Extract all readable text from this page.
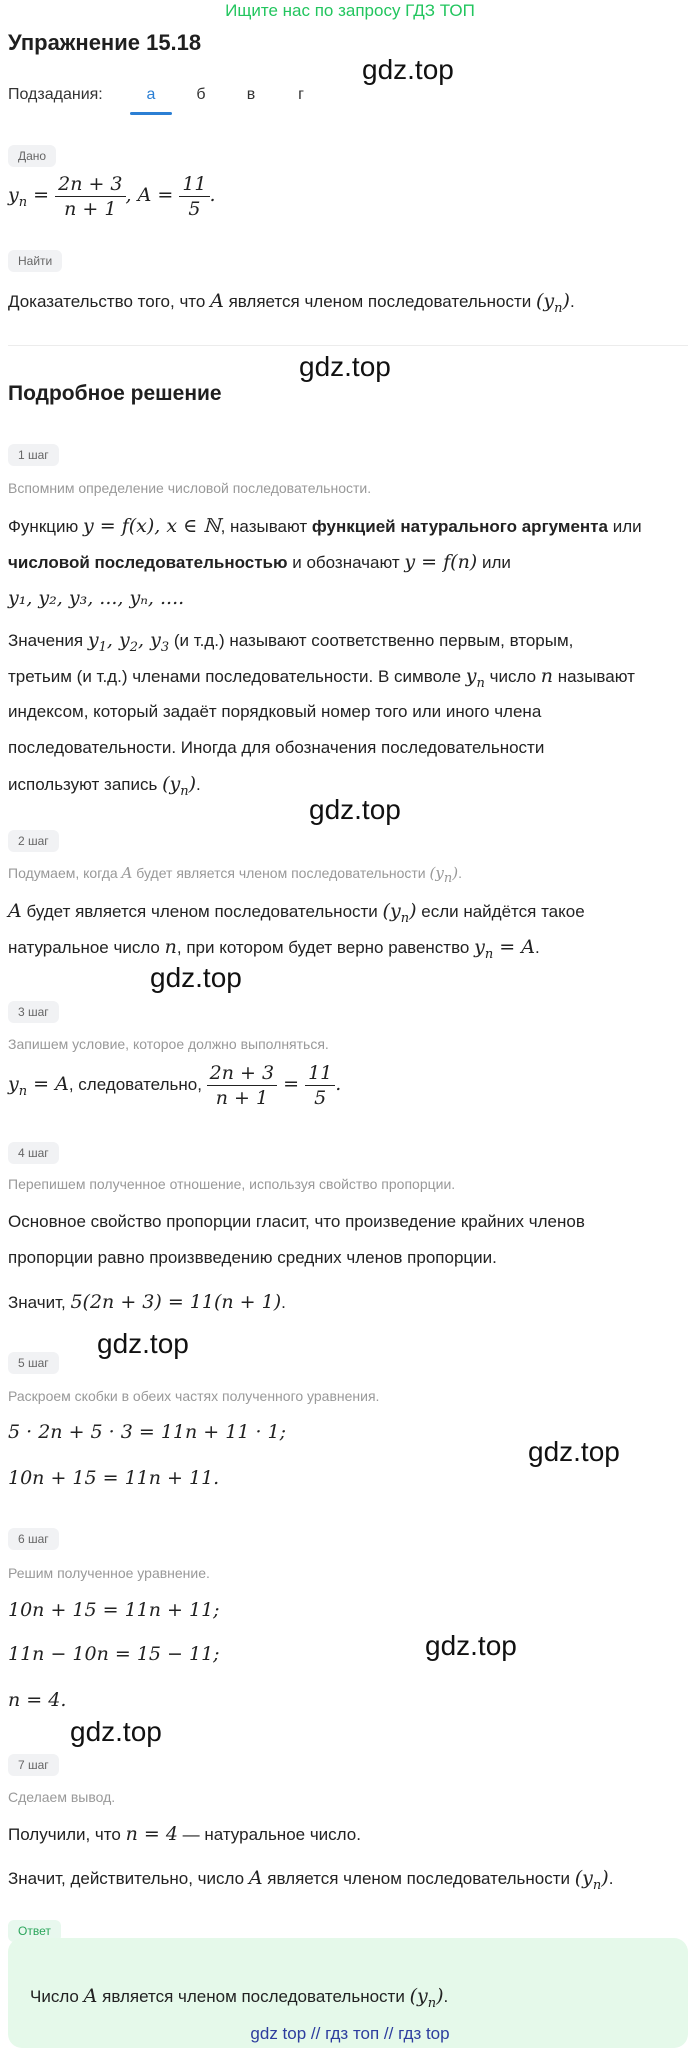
Ищите нас по запросу ГДЗ ТОП
Упражнение 15.18
Подзадания:	а	б	в	г
gdz.top
Дано
$y_n = \frac{2n + 3}{n + 1}$ , $A = \frac{11}{5}$ .
Найти
Доказательство того, что A является членом последовательности $(y_n)$.
gdz.top
Подробное решение
1 шаг
Вспомним определение числовой последовательности.
Функцию y = f(x), x ∈ ℕ, называют функцией натурального аргумента или
числовой последовательностью и обозначают y = f(n) или
y₁, y₂, y₃, ..., yₙ, ....
Значения $y_1$, $y_2$, $y_3$ (и т.д.) называют соответственно первым, вторым,
третьим (и т.д.) членами последовательности. В символе $y_n$ число n называют
индексом, который задаёт порядковый номер того или иного члена
последовательности. Иногда для обозначения последовательности
используют запись $(y_n)$.
gdz.top
2 шаг
Подумаем, когда A будет является членом последовательности $(y_n)$.
A будет является членом последовательности $(y_n)$ если найдётся такое
натуральное число n, при котором будет верно равенство $y_n = A$.
gdz.top
3 шаг
Запишем условие, которое должно выполняться.
$y_n = A$, следовательно, $\frac{2n + 3}{n + 1} = \frac{11}{5}$ .
4 шаг
Перепишем полученное отношение, используя свойство пропорции.
Основное свойство пропорции гласит, что произведение крайних членов
пропорции равно произвведению средних членов пропорции.
Значит, 5(2n + 3) = 11(n + 1).
gdz.top
5 шаг
Раскроем скобки в обеих частях полученного уравнения.
5 · 2n + 5 · 3 = 11n + 11 · 1;
gdz.top
10n + 15 = 11n + 11.
6 шаг
Решим полученное уравнение.
10n + 15 = 11n + 11;
gdz.top
11n − 10n = 15 − 11;
n = 4.
gdz.top
7 шаг
Сделаем вывод.
Получили, что n = 4 — натуральное число.
Значит, действительно, число A является членом последовательности $(y_n)$.
Ответ
Число A является членом последовательности $(y_n)$.
gdz top // гдз топ // гдз top
